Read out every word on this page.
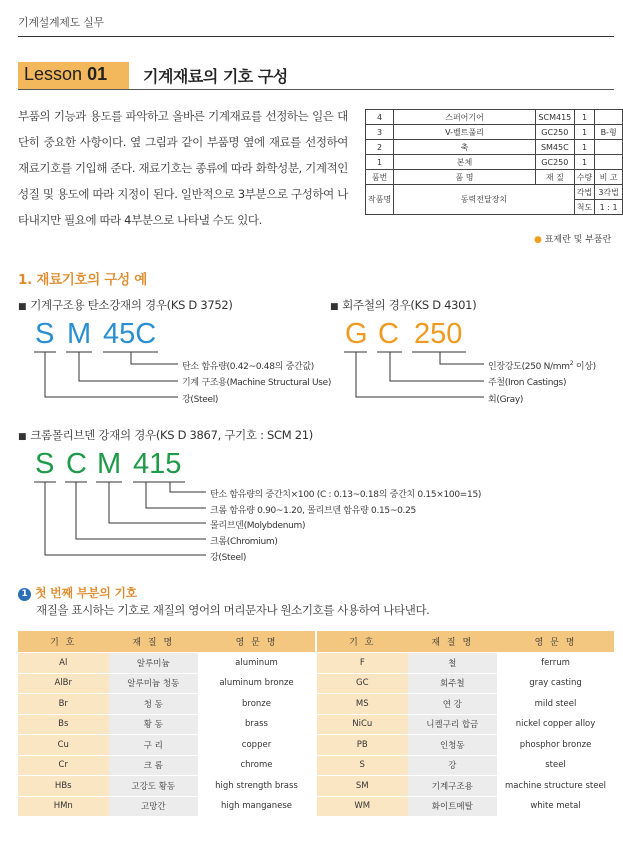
기계설계제도 실무
Lesson 01 기계재료의 기호 구성

부품의 기능과 용도를 파악하고 올바른 기계재료를 선정하는 일은 대단히 중요한 사항이다. 옆 그림과 같이 부품명 옆에 재료를 선정하여 재료기호를 기입해 준다. 재료기호는 종류에 따라 화학성분, 기계적인 성질 및 용도에 따라 지정이 된다. 일반적으로 3부분으로 구성하여 나타내지만 필요에 따라 4부분으로 나타낼 수도 있다.

4	스퍼어기어	SCM415	1	
3	V-벨트풀리	GC250	1	B-형
2	축	SM45C	1	
1	본체	GC250	1	
품번	품 명	재 질	수량	비 고
작품명	동력전달장치		각법	3각법
			척도	1 : 1
● 표제란 및 부품란
1. 재료기호의 구성 예
■ 기계구조용 탄소강재의 경우(KS D 3752)
S M 45C
탄소 함유량(0.42~0.48의 중간값)
기계 구조용(Machine Structural Use)
강(Steel)
■ 회주철의 경우(KS D 4301)
G C 250
인장강도(250 $N/mm^2$ 이상)
주철(Iron Castings)
회(Gray)
■ 크롬몰리브덴 강재의 경우(KS D 3867, 구기호 : SCM 21)
S C M 415
탄소 함유량의 중간치×100 (C : 0.13~0.18의 중간치 0.15×100=15)
크롬 함유량 0.90~1.20, 몰리브덴 함유량 0.15~0.25
몰리브덴(Molybdenum)
크롬(Chromium)
강(Steel)
1 첫 번째 부분의 기호
재질을 표시하는 기호로 재질의 영어의 머리문자나 원소기호를 사용하여 나타낸다.
기 호	재 질 명	영 문 명		기 호	재 질 명	영 문 명
Al	알루미늄	aluminum		F	철	ferrum
AlBr	알루미늄 청동	aluminum bronze		GC	회주철	gray casting
Br	청 동	bronze		MS	연 강	mild steel
Bs	황 동	brass		NiCu	니켈구리 합금	nickel copper alloy
Cu	구 리	copper		PB	인청동	phosphor bronze
Cr	크 롬	chrome		S	강	steel
HBs	고강도 황동	high strength brass		SM	기계구조용	machine structure steel
HMn	고망간	high manganese		WM	화이트메탈	white metal
